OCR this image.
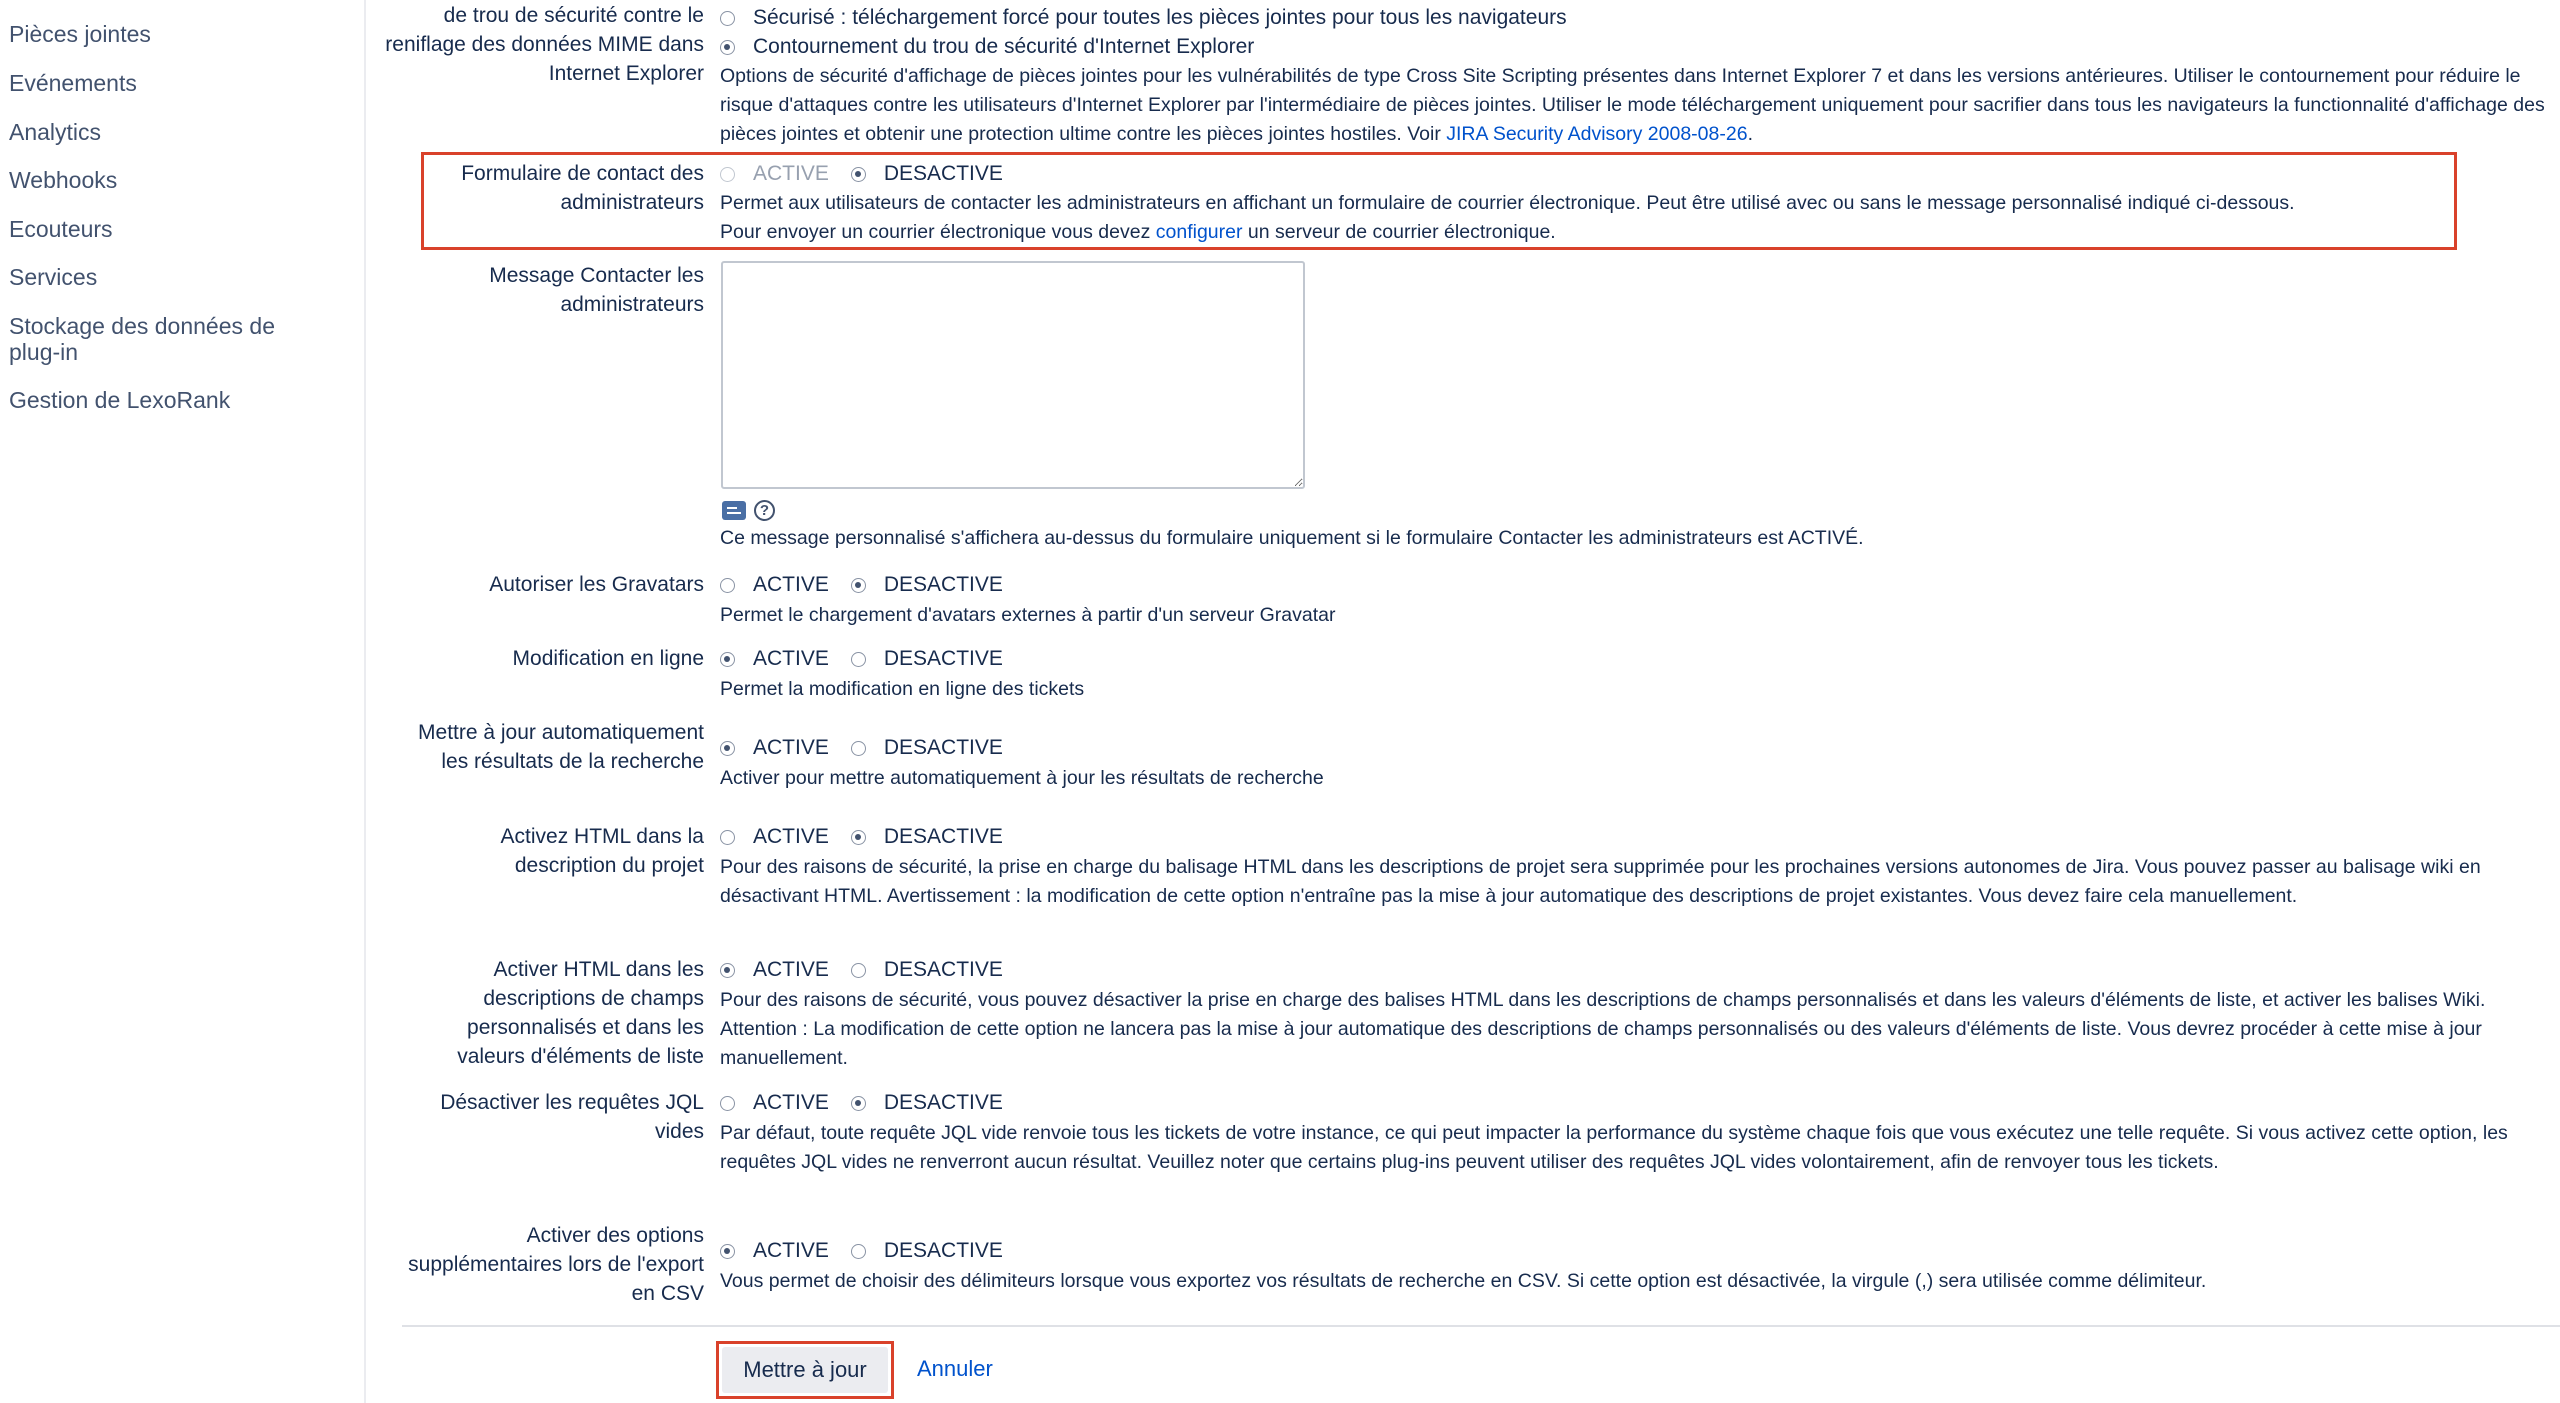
Pièces jointes
Evénements
Analytics
Webhooks
Ecouteurs
Services
Stockage des données de plug-in
Gestion de LexoRank
de trou de sécurité contre le reniflage des données MIME dans Internet Explorer
Sécurisé : téléchargement forcé pour toutes les pièces jointes pour tous les navigateurs
Contournement du trou de sécurité d'Internet Explorer
Options de sécurité d'affichage de pièces jointes pour les vulnérabilités de type Cross Site Scripting présentes dans Internet Explorer 7 et dans les versions antérieures. Utiliser le contournement pour réduire le risque d'attaques contre les utilisateurs d'Internet Explorer par l'intermédiaire de pièces jointes. Utiliser le mode téléchargement uniquement pour sacrifier dans tous les navigateurs la functionnalité d'affichage des pièces jointes et obtenir une protection ultime contre les pièces jointes hostiles. Voir JIRA Security Advisory 2008-08-26.
Formulaire de contact des administrateurs
ACTIVE	DESACTIVE
Permet aux utilisateurs de contacter les administrateurs en affichant un formulaire de courrier électronique. Peut être utilisé avec ou sans le message personnalisé indiqué ci-dessous.
Pour envoyer un courrier électronique vous devez configurer un serveur de courrier électronique.
Message Contacter les administrateurs
?
Ce message personnalisé s'affichera au-dessus du formulaire uniquement si le formulaire Contacter les administrateurs est ACTIVÉ.
Autoriser les Gravatars ACTIVE	DESACTIVE
Permet le chargement d'avatars externes à partir d'un serveur Gravatar
Modification en ligne ACTIVE	DESACTIVE
Permet la modification en ligne des tickets
Mettre à jour automatiquement les résultats de la recherche
ACTIVE	DESACTIVE
Activer pour mettre automatiquement à jour les résultats de recherche
Activez HTML dans la description du projet
ACTIVE	DESACTIVE
Pour des raisons de sécurité, la prise en charge du balisage HTML dans les descriptions de projet sera supprimée pour les prochaines versions autonomes de Jira. Vous pouvez passer au balisage wiki en désactivant HTML. Avertissement : la modification de cette option n'entraîne pas la mise à jour automatique des descriptions de projet existantes. Vous devez faire cela manuellement.
Activer HTML dans les descriptions de champs personnalisés et dans les valeurs d'éléments de liste
ACTIVE	DESACTIVE
Pour des raisons de sécurité, vous pouvez désactiver la prise en charge des balises HTML dans les descriptions de champs personnalisés et dans les valeurs d'éléments de liste, et activer les balises Wiki. Attention : La modification de cette option ne lancera pas la mise à jour automatique des descriptions de champs personnalisés ou des valeurs d'éléments de liste. Vous devrez procéder à cette mise à jour manuellement.
Désactiver les requêtes JQL vides
ACTIVE	DESACTIVE
Par défaut, toute requête JQL vide renvoie tous les tickets de votre instance, ce qui peut impacter la performance du système chaque fois que vous exécutez une telle requête. Si vous activez cette option, les requêtes JQL vides ne renverront aucun résultat. Veuillez noter que certains plug-ins peuvent utiliser des requêtes JQL vides volontairement, afin de renvoyer tous les tickets.
Activer des options supplémentaires lors de l'export en CSV
ACTIVE	DESACTIVE
Vous permet de choisir des délimiteurs lorsque vous exportez vos résultats de recherche en CSV. Si cette option est désactivée, la virgule (,) sera utilisée comme délimiteur.
Mettre à jour	Annuler
